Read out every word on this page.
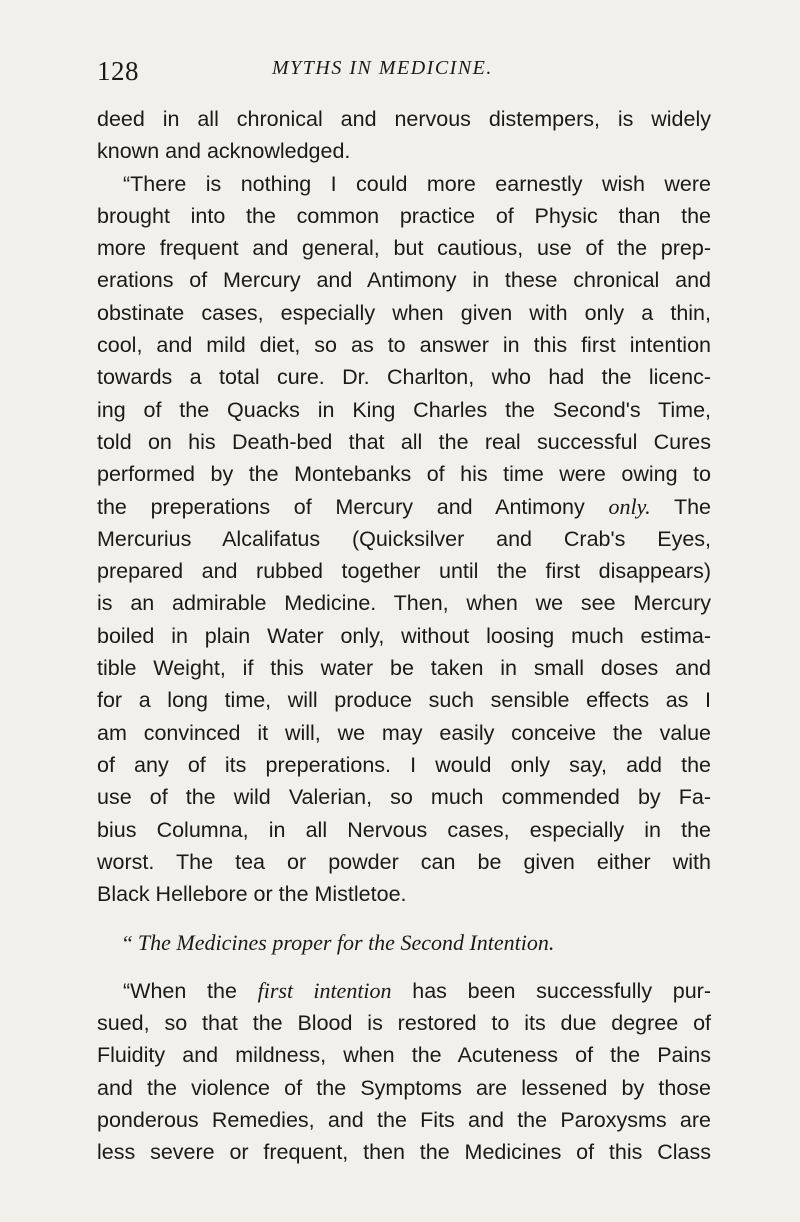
128	MYTHS IN MEDICINE.
deed in all chronical and nervous distempers, is widely
known and acknowledged.
“There is nothing I could more earnestly wish were
brought into the common practice of Physic than the
more frequent and general, but cautious, use of the prep-
erations of Mercury and Antimony in these chronical and
obstinate cases, especially when given with only a thin,
cool, and mild diet, so as to answer in this first intention
towards a total cure. Dr. Charlton, who had the licenc-
ing of the Quacks in King Charles the Second's Time,
told on his Death-bed that all the real successful Cures
performed by the Montebanks of his time were owing to
the preperations of Mercury and Antimony only. The
Mercurius Alcalifatus (Quicksilver and Crab's Eyes,
prepared and rubbed together until the first disappears)
is an admirable Medicine. Then, when we see Mercury
boiled in plain Water only, without loosing much estima-
tible Weight, if this water be taken in small doses and
for a long time, will produce such sensible effects as I
am convinced it will, we may easily conceive the value
of any of its preperations. I would only say, add the
use of the wild Valerian, so much commended by Fa-
bius Columna, in all Nervous cases, especially in the
worst. The tea or powder can be given either with
Black Hellebore or the Mistletoe.
“ The Medicines proper for the Second Intention.
“When the first intention has been successfully pur-
sued, so that the Blood is restored to its due degree of
Fluidity and mildness, when the Acuteness of the Pains
and the violence of the Symptoms are lessened by those
ponderous Remedies, and the Fits and the Paroxysms are
less severe or frequent, then the Medicines of this Class
